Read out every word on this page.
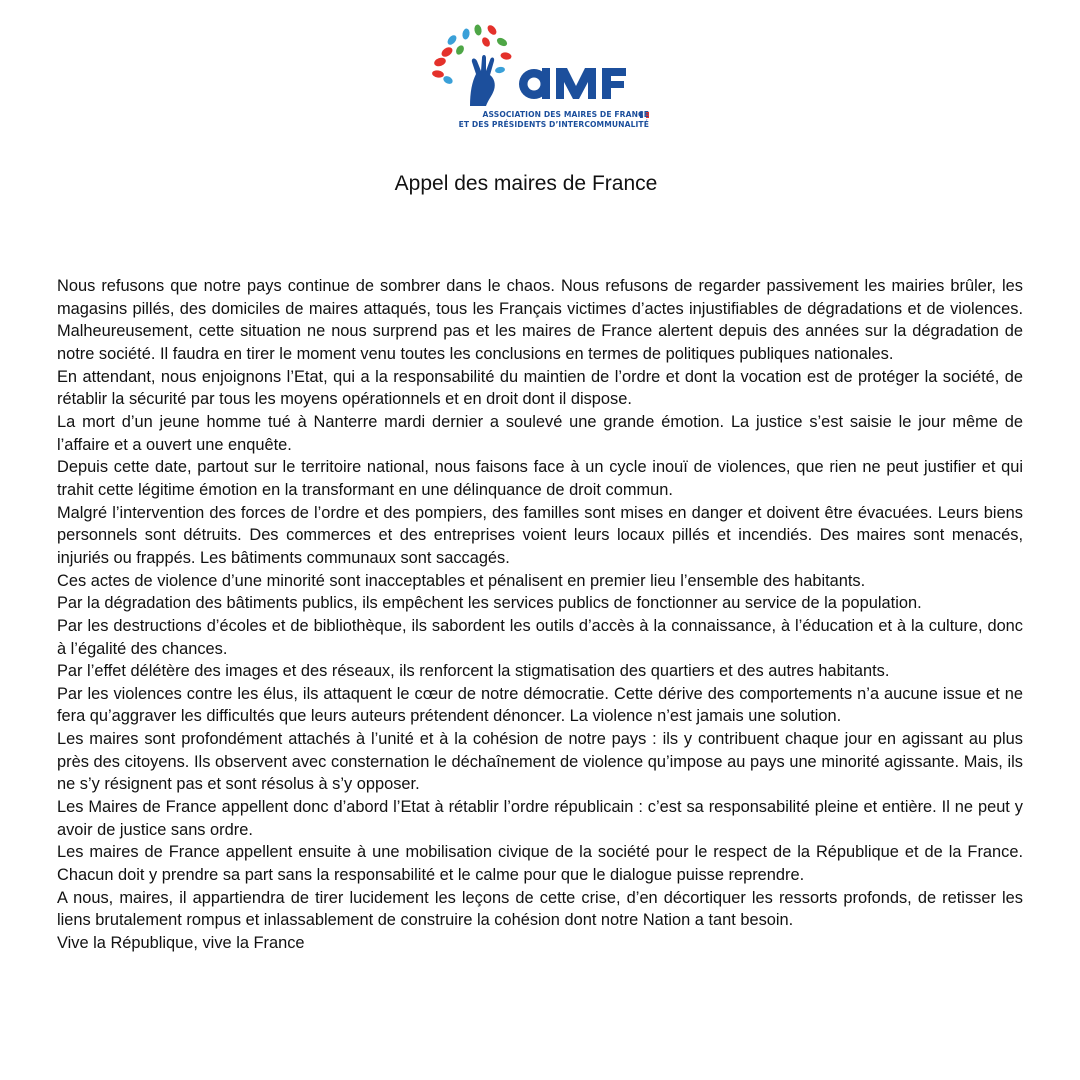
ASSOCIATION DES MAIRES DE FRANCE
ET DES PRÉSIDENTS D’INTERCOMMUNALITÉ
Appel des maires de France

Nous refusons que notre pays continue de sombrer dans le chaos. Nous refusons de regarder passivement les mairies brûler, les magasins pillés, des domiciles de maires attaqués, tous les Français victimes d’actes injustifiables de dégradations et de violences. Malheureusement, cette situation ne nous surprend pas et les maires de France alertent depuis des années sur la dégradation de notre société. Il faudra en tirer le moment venu toutes les conclusions en termes de politiques publiques nationales.

En attendant, nous enjoignons l’Etat, qui a la responsabilité du maintien de l’ordre et dont la vocation est de protéger la société, de rétablir la sécurité par tous les moyens opérationnels et en droit dont il dispose.

La mort d’un jeune homme tué à Nanterre mardi dernier a soulevé une grande émotion. La justice s’est saisie le jour même de l’affaire et a ouvert une enquête.

Depuis cette date, partout sur le territoire national, nous faisons face à un cycle inouï de violences, que rien ne peut justifier et qui trahit cette légitime émotion en la transformant en une délinquance de droit commun.

Malgré l’intervention des forces de l’ordre et des pompiers, des familles sont mises en danger et doivent être évacuées. Leurs biens personnels sont détruits. Des commerces et des entreprises voient leurs locaux pillés et incendiés. Des maires sont menacés, injuriés ou frappés. Les bâtiments communaux sont saccagés.

Ces actes de violence d’une minorité sont inacceptables et pénalisent en premier lieu l’ensemble des habitants.

Par la dégradation des bâtiments publics, ils empêchent les services publics de fonctionner au service de la population.

Par les destructions d’écoles et de bibliothèque, ils sabordent les outils d’accès à la connaissance, à l’éducation et à la culture, donc à l’égalité des chances.

Par l’effet délétère des images et des réseaux, ils renforcent la stigmatisation des quartiers et des autres habitants.

Par les violences contre les élus, ils attaquent le cœur de notre démocratie. Cette dérive des comportements n’a aucune issue et ne fera qu’aggraver les difficultés que leurs auteurs prétendent dénoncer. La violence n’est jamais une solution.

Les maires sont profondément attachés à l’unité et à la cohésion de notre pays : ils y contribuent chaque jour en agissant au plus près des citoyens. Ils observent avec consternation le déchaînement de violence qu’impose au pays une minorité agissante. Mais, ils ne s’y résignent pas et sont résolus à s’y opposer.

Les Maires de France appellent donc d’abord l’Etat à rétablir l’ordre républicain : c’est sa responsabilité pleine et entière. Il ne peut y avoir de justice sans ordre.

Les maires de France appellent ensuite à une mobilisation civique de la société pour le respect de la République et de la France. Chacun doit y prendre sa part sans la responsabilité et le calme pour que le dialogue puisse reprendre.

A nous, maires, il appartiendra de tirer lucidement les leçons de cette crise, d’en décortiquer les ressorts profonds, de retisser les liens brutalement rompus et inlassablement de construire la cohésion dont notre Nation a tant besoin.

Vive la République, vive la France
